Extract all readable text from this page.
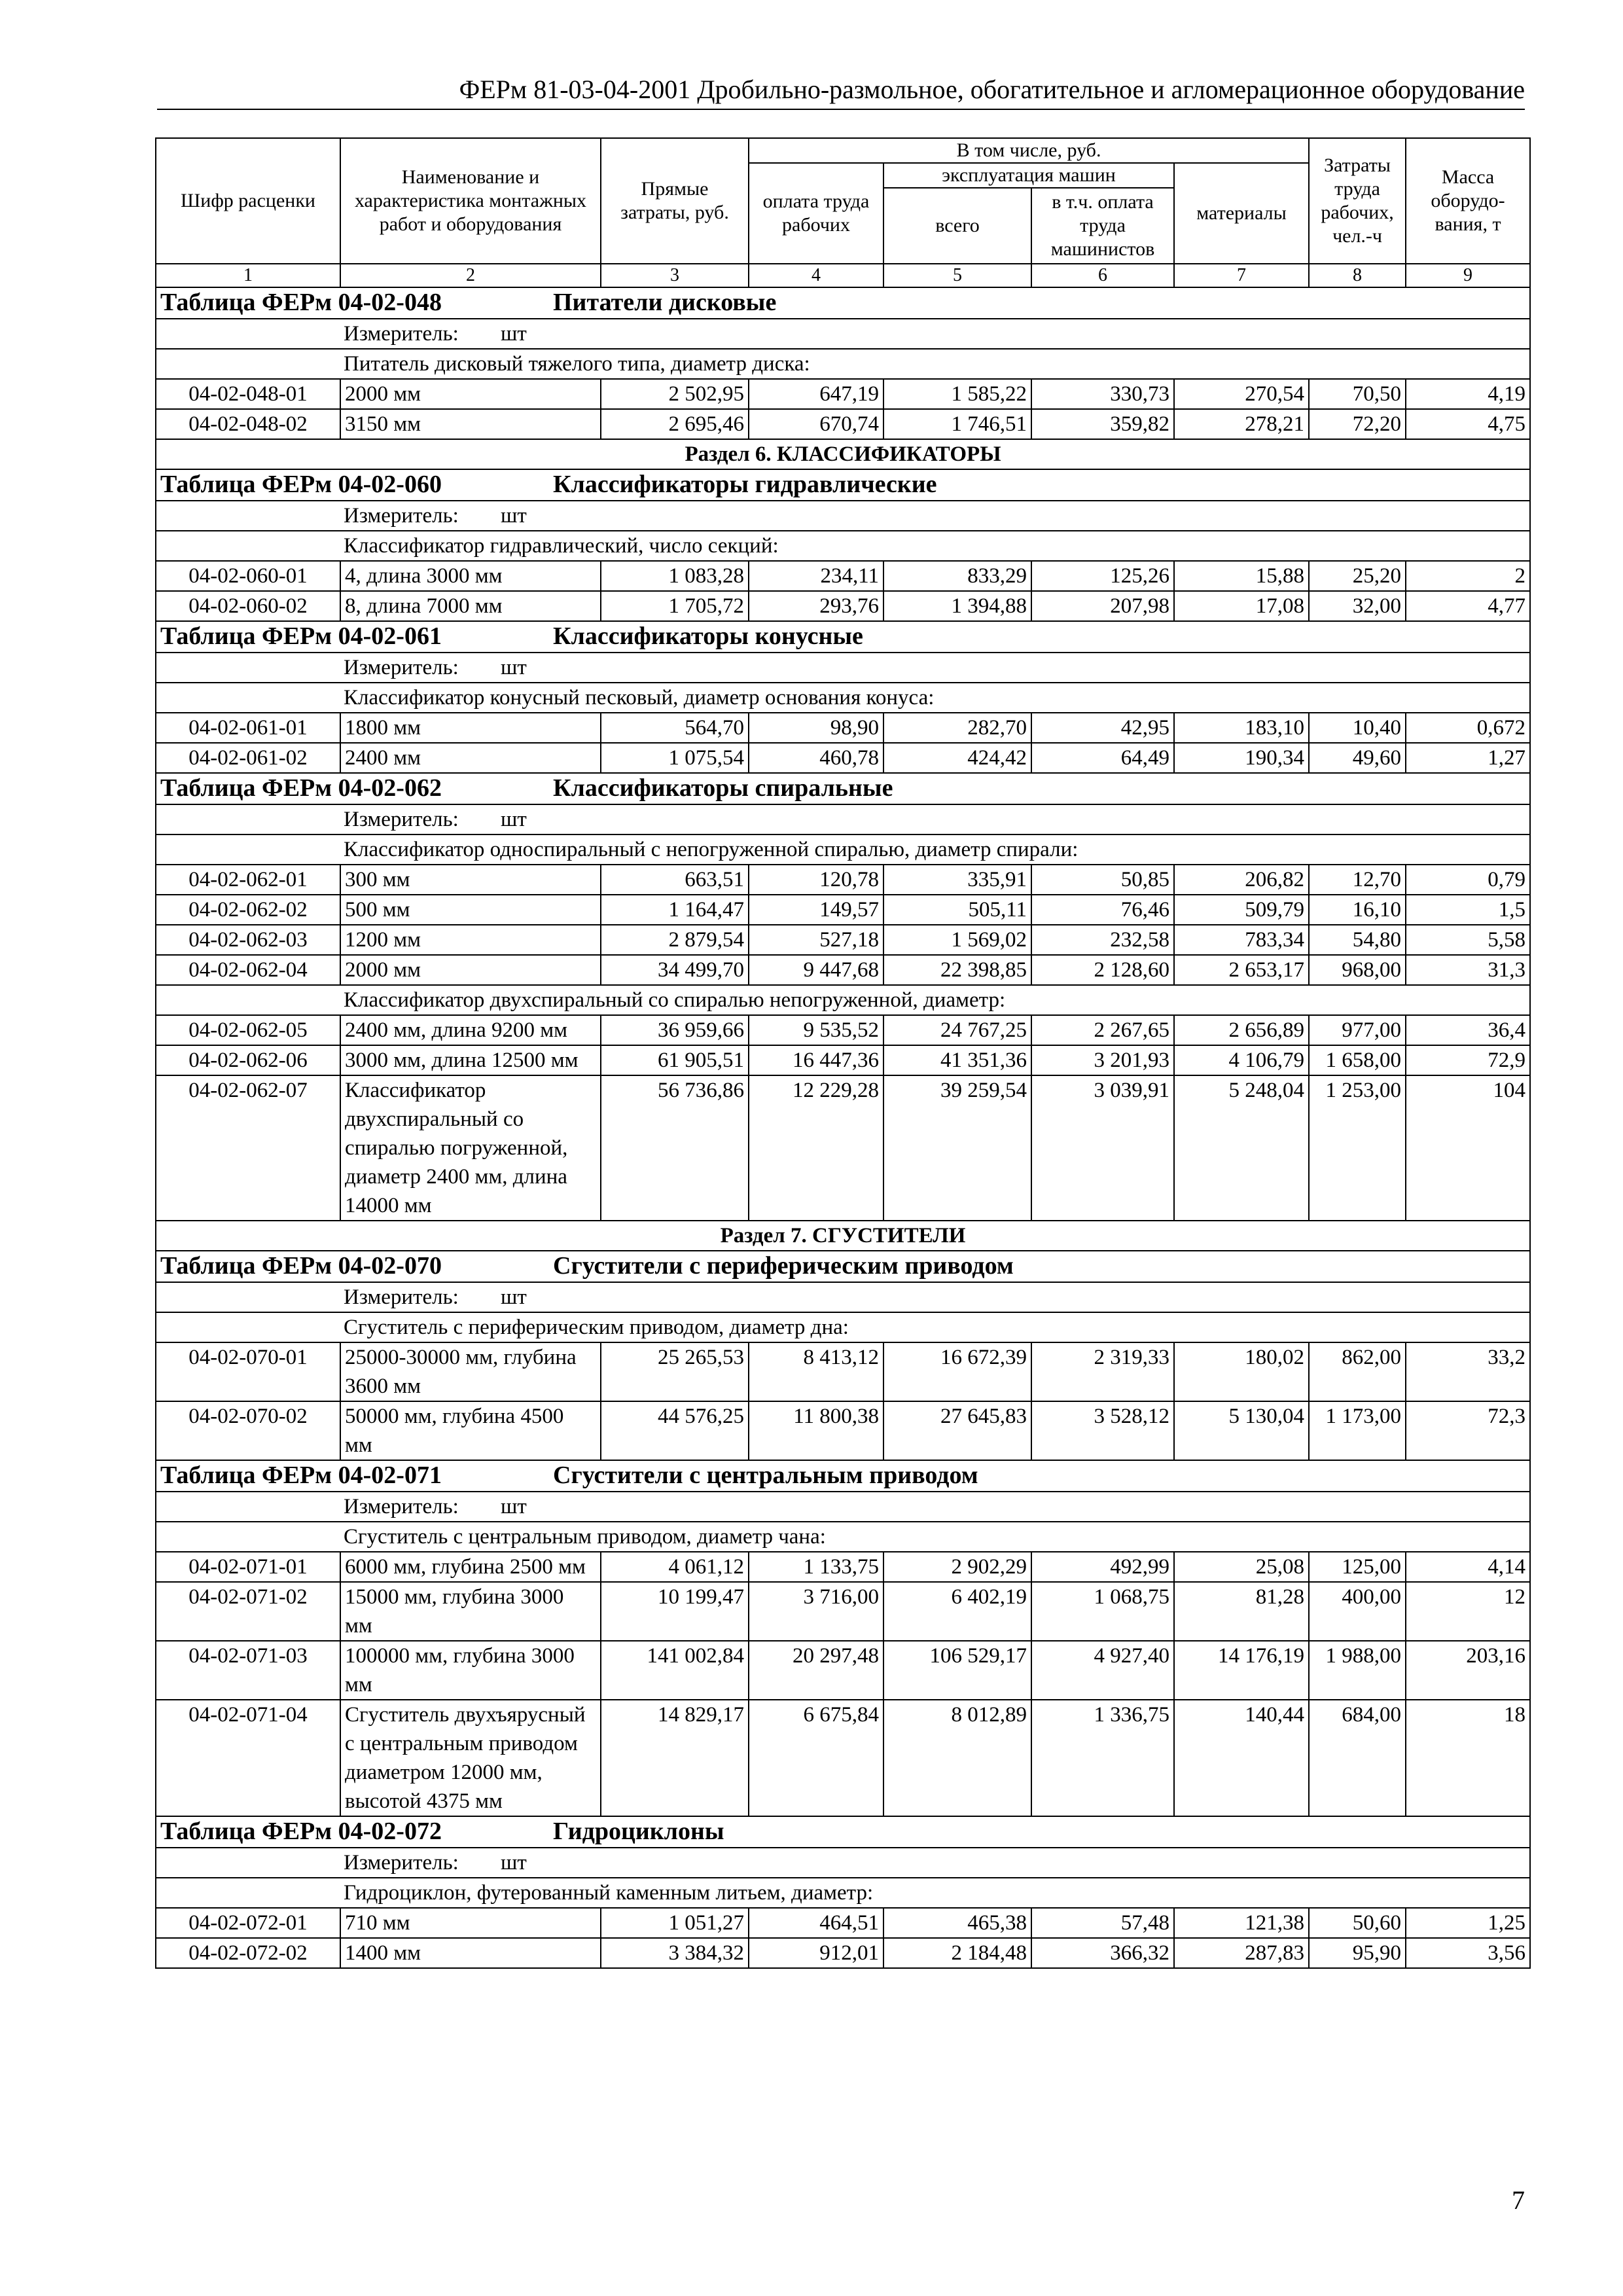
ФЕРм 81-03-04-2001 Дробильно-размольное, обогатительное и агломерационное оборудование
Шифр расценки	Наименование и характеристика монтажных работ и оборудования	Прямые затраты, руб.	В том числе, руб.				Затраты труда рабочих, чел.-ч	Масса оборудо-вания, т
			оплата труда рабочих	эксплуатация машин		материалы		
				всего	в т.ч. оплата труда машинистов			
1	2	3	4	5	6	7	8	9
Таблица ФЕРм 04-02-048 Питатели дисковые								
Измеритель: шт								
Питатель дисковый тяжелого типа, диаметр диска:								
04-02-048-01	2000 мм	2 502,95	647,19	1 585,22	330,73	270,54	70,50	4,19
04-02-048-02	3150 мм	2 695,46	670,74	1 746,51	359,82	278,21	72,20	4,75
Раздел 6. КЛАССИФИКАТОРЫ								
Таблица ФЕРм 04-02-060 Классификаторы гидравлические								
Измеритель: шт								
Классификатор гидравлический, число секций:								
04-02-060-01	4, длина 3000 мм	1 083,28	234,11	833,29	125,26	15,88	25,20	2
04-02-060-02	8, длина 7000 мм	1 705,72	293,76	1 394,88	207,98	17,08	32,00	4,77
Таблица ФЕРм 04-02-061 Классификаторы конусные								
Измеритель: шт								
Классификатор конусный песковый, диаметр основания конуса:								
04-02-061-01	1800 мм	564,70	98,90	282,70	42,95	183,10	10,40	0,672
04-02-061-02	2400 мм	1 075,54	460,78	424,42	64,49	190,34	49,60	1,27
Таблица ФЕРм 04-02-062 Классификаторы спиральные								
Измеритель: шт								
Классификатор односпиральный с непогруженной спиралью, диаметр спирали:								
04-02-062-01	300 мм	663,51	120,78	335,91	50,85	206,82	12,70	0,79
04-02-062-02	500 мм	1 164,47	149,57	505,11	76,46	509,79	16,10	1,5
04-02-062-03	1200 мм	2 879,54	527,18	1 569,02	232,58	783,34	54,80	5,58
04-02-062-04	2000 мм	34 499,70	9 447,68	22 398,85	2 128,60	2 653,17	968,00	31,3
Классификатор двухспиральный со спиралью непогруженной, диаметр:								
04-02-062-05	2400 мм, длина 9200 мм	36 959,66	9 535,52	24 767,25	2 267,65	2 656,89	977,00	36,4
04-02-062-06	3000 мм, длина 12500 мм	61 905,51	16 447,36	41 351,36	3 201,93	4 106,79	1 658,00	72,9
04-02-062-07	Классификатор двухспиральный со спиралью погруженной, диаметр 2400 мм, длина 14000 мм	56 736,86	12 229,28	39 259,54	3 039,91	5 248,04	1 253,00	104
Раздел 7. СГУСТИТЕЛИ								
Таблица ФЕРм 04-02-070 Сгустители с периферическим приводом								
Измеритель: шт								
Сгуститель с периферическим приводом, диаметр дна:								
04-02-070-01	25000-30000 мм, глубина 3600 мм	25 265,53	8 413,12	16 672,39	2 319,33	180,02	862,00	33,2
04-02-070-02	50000 мм, глубина 4500 мм	44 576,25	11 800,38	27 645,83	3 528,12	5 130,04	1 173,00	72,3
Таблица ФЕРм 04-02-071 Сгустители с центральным приводом								
Измеритель: шт								
Сгуститель с центральным приводом, диаметр чана:								
04-02-071-01	6000 мм, глубина 2500 мм	4 061,12	1 133,75	2 902,29	492,99	25,08	125,00	4,14
04-02-071-02	15000 мм, глубина 3000 мм	10 199,47	3 716,00	6 402,19	1 068,75	81,28	400,00	12
04-02-071-03	100000 мм, глубина 3000 мм	141 002,84	20 297,48	106 529,17	4 927,40	14 176,19	1 988,00	203,16
04-02-071-04	Сгуститель двухъярусный с центральным приводом диаметром 12000 мм, высотой 4375 мм	14 829,17	6 675,84	8 012,89	1 336,75	140,44	684,00	18
Таблица ФЕРм 04-02-072 Гидроциклоны								
Измеритель: шт								
Гидроциклон, футерованный каменным литьем, диаметр:								
04-02-072-01	710 мм	1 051,27	464,51	465,38	57,48	121,38	50,60	1,25
04-02-072-02	1400 мм	3 384,32	912,01	2 184,48	366,32	287,83	95,90	3,56
7
